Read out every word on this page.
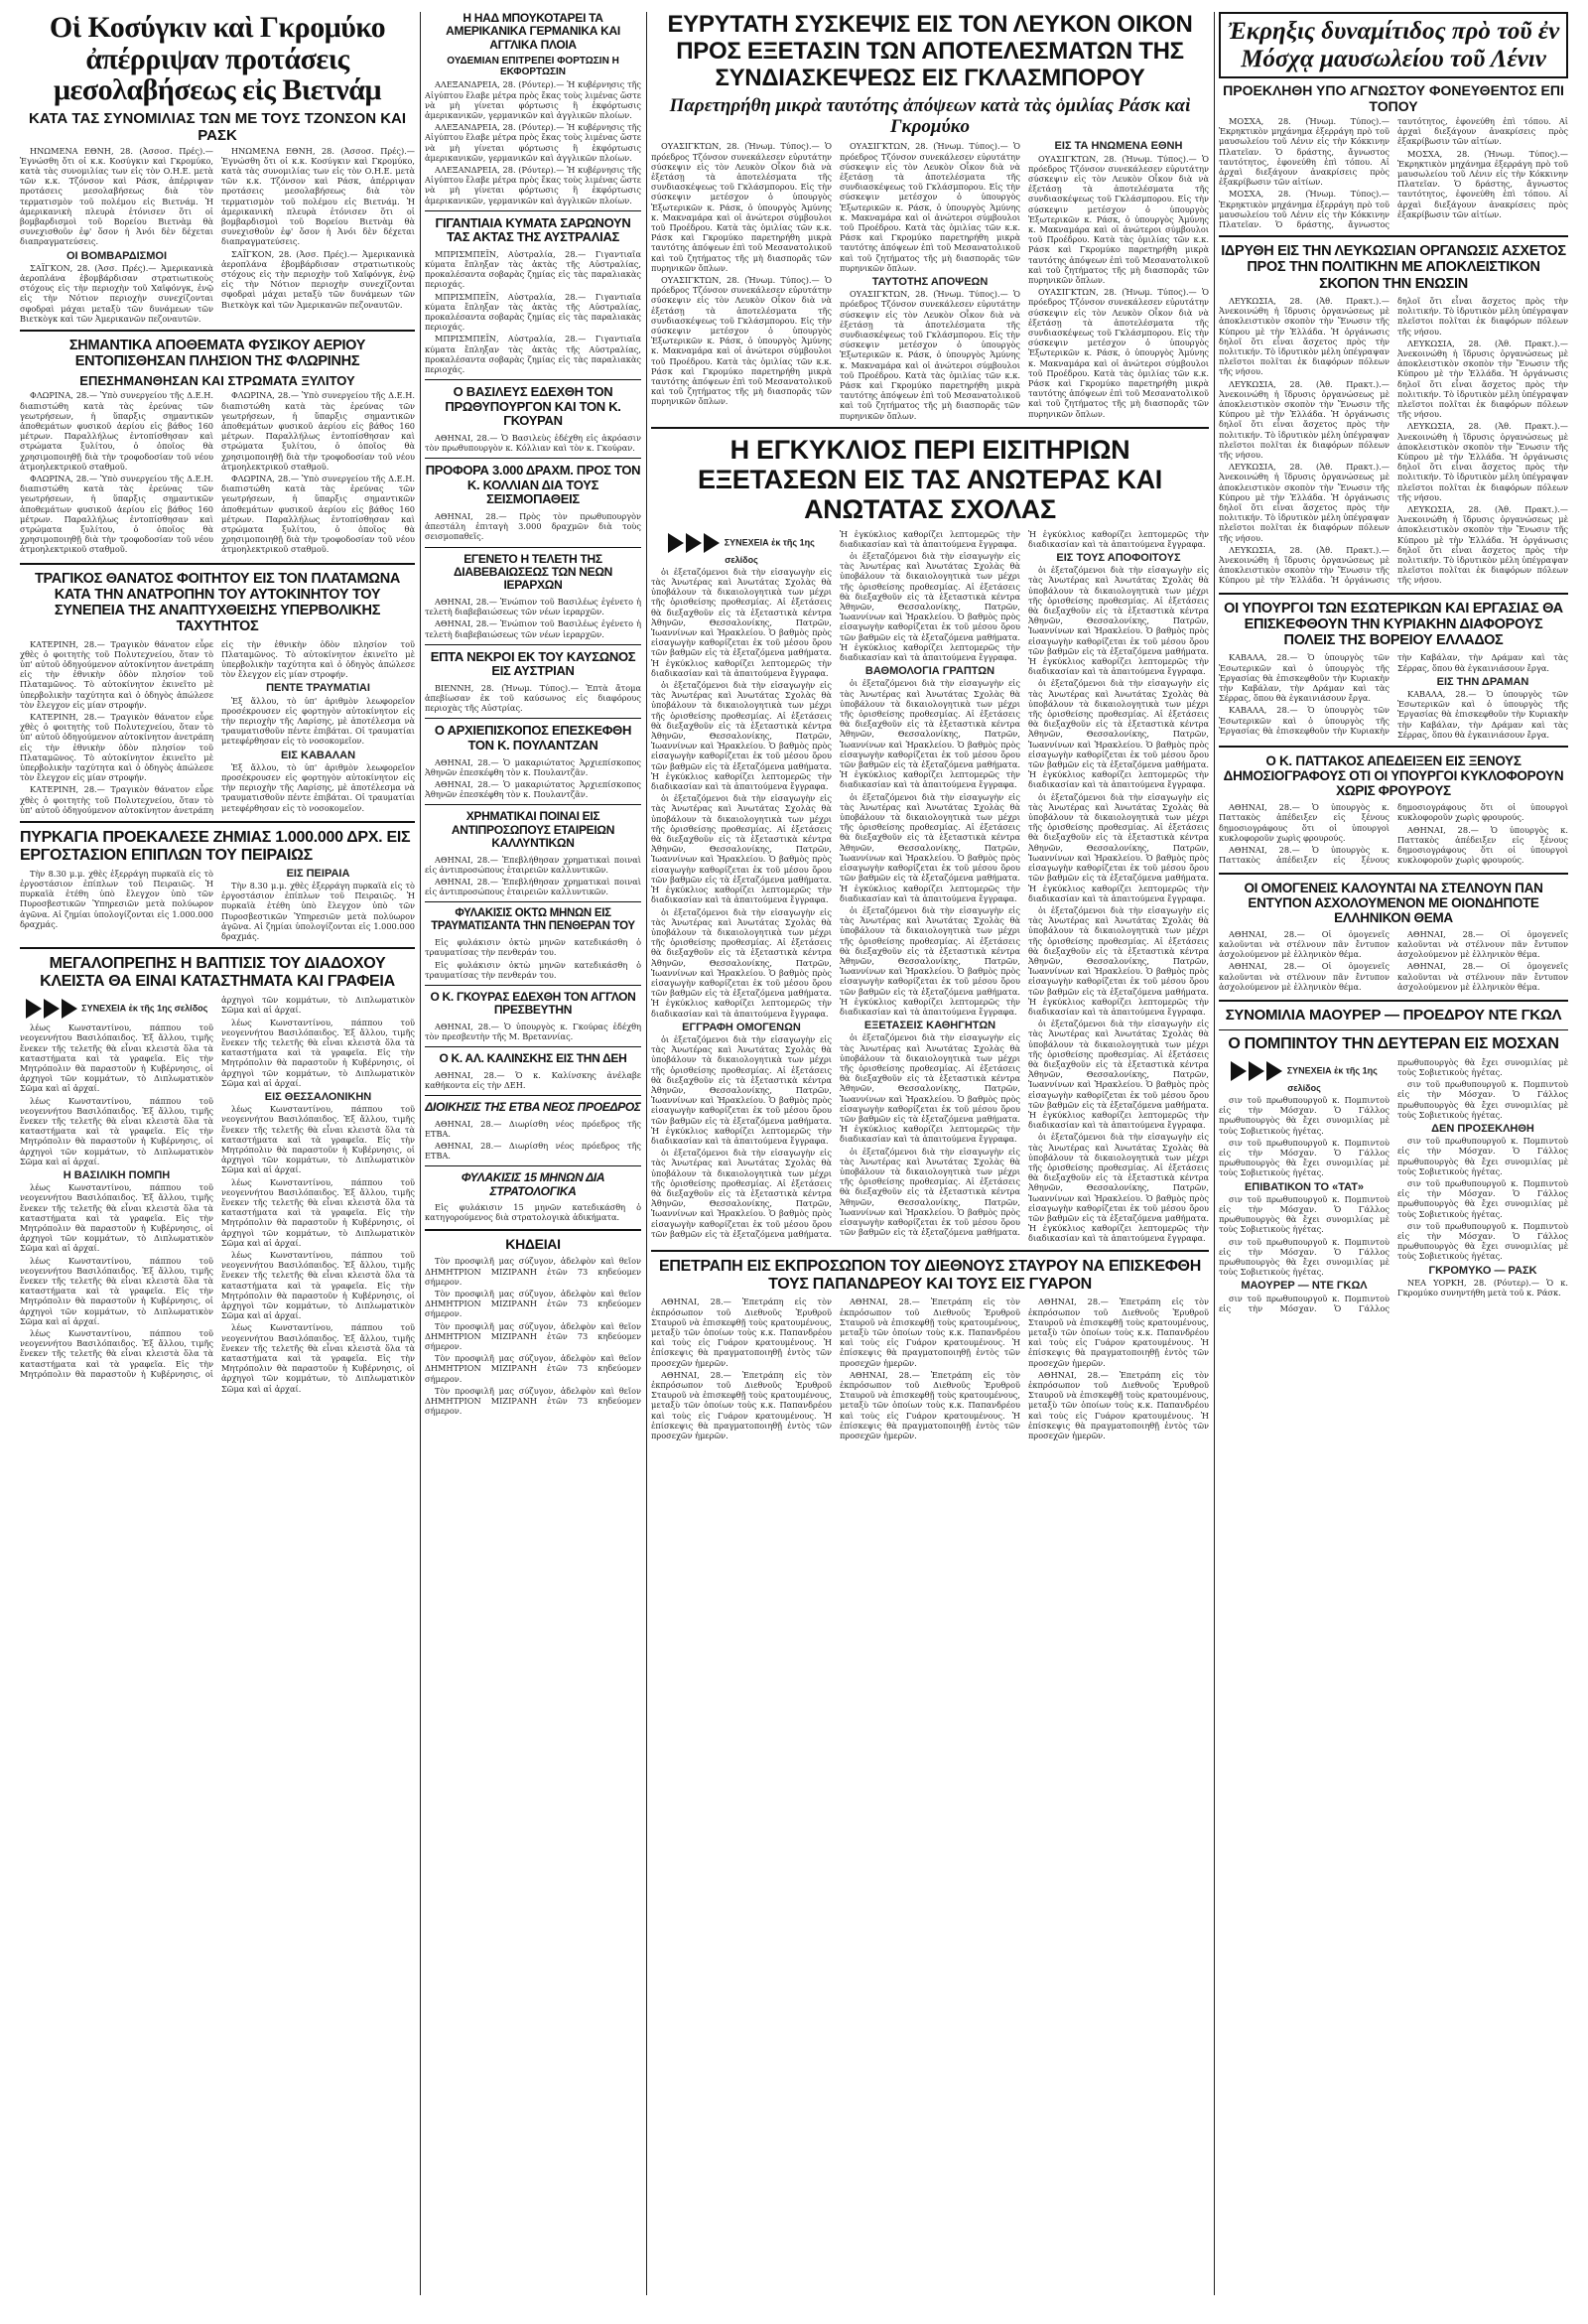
Οἱ Κοσύγκιν καὶ Γκρομύκο ἀπέρριψαν προτάσεις μεσολαβήσεως εἰς Βιετνάμ
ΚΑΤΑ ΤΑΣ ΣΥΝΟΜΙΛΙΑΣ ΤΩΝ ΜΕ ΤΟΥΣ ΤΖΟΝΣΟΝ ΚΑΙ ΡΑΣΚ

ΗΝΩΜΕΝΑ ΕΘΝΗ, 28. (Ἀσσοσ. Πρές).— Ἐγνώσθη ὅτι οἱ κ.κ. Κοσύγκιν καὶ Γκρομύκο, κατὰ τὰς συνομιλίας των εἰς τὸν Ο.Η.Ε. μετὰ τῶν κ.κ. Τζόνσον καὶ Ράσκ, ἀπέρριψαν προτάσεις μεσολαβήσεως διὰ τὸν τερματισμὸν τοῦ πολέμου εἰς Βιετνάμ. Ἡ ἀμερικανικὴ πλευρὰ ἐτόνισεν ὅτι οἱ βομβαρδισμοὶ τοῦ Βορείου Βιετνὰμ θὰ συνεχισθοῦν ἐφ' ὅσον ἡ Ἀνόι δὲν δέχεται διαπραγματεύσεις.

ΟΙ ΒΟΜΒΑΡΔΙΣΜΟΙ

ΣΑΪΓΚΟΝ, 28. (Ἀσσ. Πρές).— Ἀμερικανικὰ ἀεροπλάνα ἐβομβάρδισαν στρατιωτικοὺς στόχους εἰς τὴν περιοχὴν τοῦ Χαϊφόνγκ, ἐνῷ εἰς τὴν Νότιον περιοχὴν συνεχίζονται σφοδραὶ μάχαι μεταξὺ τῶν δυνάμεων τῶν Βιετκὸγκ καὶ τῶν Ἀμερικανῶν πεζοναυτῶν.

ΗΝΩΜΕΝΑ ΕΘΝΗ, 28. (Ἀσσοσ. Πρές).— Ἐγνώσθη ὅτι οἱ κ.κ. Κοσύγκιν καὶ Γκρομύκο, κατὰ τὰς συνομιλίας των εἰς τὸν Ο.Η.Ε. μετὰ τῶν κ.κ. Τζόνσον καὶ Ράσκ, ἀπέρριψαν προτάσεις μεσολαβήσεως διὰ τὸν τερματισμὸν τοῦ πολέμου εἰς Βιετνάμ. Ἡ ἀμερικανικὴ πλευρὰ ἐτόνισεν ὅτι οἱ βομβαρδισμοὶ τοῦ Βορείου Βιετνὰμ θὰ συνεχισθοῦν ἐφ' ὅσον ἡ Ἀνόι δὲν δέχεται διαπραγματεύσεις.

ΣΑΪΓΚΟΝ, 28. (Ἀσσ. Πρές).— Ἀμερικανικὰ ἀεροπλάνα ἐβομβάρδισαν στρατιωτικοὺς στόχους εἰς τὴν περιοχὴν τοῦ Χαϊφόνγκ, ἐνῷ εἰς τὴν Νότιον περιοχὴν συνεχίζονται σφοδραὶ μάχαι μεταξὺ τῶν δυνάμεων τῶν Βιετκὸγκ καὶ τῶν Ἀμερικανῶν πεζοναυτῶν.

ΣΗΜΑΝΤΙΚΑ ΑΠΟΘΕΜΑΤΑ ΦΥΣΙΚΟΥ ΑΕΡΙΟΥ ΕΝΤΟΠΙΣΘΗΣΑΝ ΠΛΗΣΙΟΝ ΤΗΣ ΦΛΩΡΙΝΗΣ
ΕΠΕΣΗΜΑΝΘΗΣΑΝ ΚΑΙ ΣΤΡΩΜΑΤΑ ΞΥΛΙΤΟΥ

ΦΛΩΡΙΝΑ, 28.— Ὑπὸ συνεργείου τῆς Δ.Ε.Η. διαπιστώθη κατὰ τὰς ἐρεύνας τῶν γεωτρήσεων, ἡ ὕπαρξις σημαντικῶν ἀποθεμάτων φυσικοῦ ἀερίου εἰς βάθος 160 μέτρων. Παραλλήλως ἐντοπίσθησαν καὶ στρώματα ξυλίτου, ὁ ὁποῖος θὰ χρησιμοποιηθῇ διὰ τὴν τροφοδοσίαν τοῦ νέου ἀτμοηλεκτρικοῦ σταθμοῦ.

ΦΛΩΡΙΝΑ, 28.— Ὑπὸ συνεργείου τῆς Δ.Ε.Η. διαπιστώθη κατὰ τὰς ἐρεύνας τῶν γεωτρήσεων, ἡ ὕπαρξις σημαντικῶν ἀποθεμάτων φυσικοῦ ἀερίου εἰς βάθος 160 μέτρων. Παραλλήλως ἐντοπίσθησαν καὶ στρώματα ξυλίτου, ὁ ὁποῖος θὰ χρησιμοποιηθῇ διὰ τὴν τροφοδοσίαν τοῦ νέου ἀτμοηλεκτρικοῦ σταθμοῦ.

ΦΛΩΡΙΝΑ, 28.— Ὑπὸ συνεργείου τῆς Δ.Ε.Η. διαπιστώθη κατὰ τὰς ἐρεύνας τῶν γεωτρήσεων, ἡ ὕπαρξις σημαντικῶν ἀποθεμάτων φυσικοῦ ἀερίου εἰς βάθος 160 μέτρων. Παραλλήλως ἐντοπίσθησαν καὶ στρώματα ξυλίτου, ὁ ὁποῖος θὰ χρησιμοποιηθῇ διὰ τὴν τροφοδοσίαν τοῦ νέου ἀτμοηλεκτρικοῦ σταθμοῦ.

ΦΛΩΡΙΝΑ, 28.— Ὑπὸ συνεργείου τῆς Δ.Ε.Η. διαπιστώθη κατὰ τὰς ἐρεύνας τῶν γεωτρήσεων, ἡ ὕπαρξις σημαντικῶν ἀποθεμάτων φυσικοῦ ἀερίου εἰς βάθος 160 μέτρων. Παραλλήλως ἐντοπίσθησαν καὶ στρώματα ξυλίτου, ὁ ὁποῖος θὰ χρησιμοποιηθῇ διὰ τὴν τροφοδοσίαν τοῦ νέου ἀτμοηλεκτρικοῦ σταθμοῦ.

ΤΡΑΓΙΚΟΣ ΘΑΝΑΤΟΣ ΦΟΙΤΗΤΟΥ ΕΙΣ ΤΟΝ ΠΛΑΤΑΜΩΝΑ ΚΑΤΑ ΤΗΝ ΑΝΑΤΡΟΠΗΝ ΤΟΥ ΑΥΤΟΚΙΝΗΤΟΥ ΤΟΥ ΣΥΝΕΠΕΙΑ ΤΗΣ ΑΝΑΠΤΥΧΘΕΙΣΗΣ ΥΠΕΡΒΟΛΙΚΗΣ ΤΑΧΥΤΗΤΟΣ

ΚΑΤΕΡΙΝΗ, 28.— Τραγικὸν θάνατον εὗρε χθὲς ὁ φοιτητὴς τοῦ Πολυτεχνείου, ὅταν τὸ ὑπ' αὐτοῦ ὁδηγούμενον αὐτοκίνητον ἀνετράπη εἰς τὴν ἐθνικὴν ὁδὸν πλησίον τοῦ Πλαταμῶνος. Τὸ αὐτοκίνητον ἐκινεῖτο μὲ ὑπερβολικὴν ταχύτητα καὶ ὁ ὁδηγὸς ἀπώλεσε τὸν ἔλεγχον εἰς μίαν στροφήν.

ΚΑΤΕΡΙΝΗ, 28.— Τραγικὸν θάνατον εὗρε χθὲς ὁ φοιτητὴς τοῦ Πολυτεχνείου, ὅταν τὸ ὑπ' αὐτοῦ ὁδηγούμενον αὐτοκίνητον ἀνετράπη εἰς τὴν ἐθνικὴν ὁδὸν πλησίον τοῦ Πλαταμῶνος. Τὸ αὐτοκίνητον ἐκινεῖτο μὲ ὑπερβολικὴν ταχύτητα καὶ ὁ ὁδηγὸς ἀπώλεσε τὸν ἔλεγχον εἰς μίαν στροφήν.

ΚΑΤΕΡΙΝΗ, 28.— Τραγικὸν θάνατον εὗρε χθὲς ὁ φοιτητὴς τοῦ Πολυτεχνείου, ὅταν τὸ ὑπ' αὐτοῦ ὁδηγούμενον αὐτοκίνητον ἀνετράπη εἰς τὴν ἐθνικὴν ὁδὸν πλησίον τοῦ Πλαταμῶνος. Τὸ αὐτοκίνητον ἐκινεῖτο μὲ ὑπερβολικὴν ταχύτητα καὶ ὁ ὁδηγὸς ἀπώλεσε τὸν ἔλεγχον εἰς μίαν στροφήν.

ΠΕΝΤΕ ΤΡΑΥΜΑΤΙΑΙ

Ἐξ ἄλλου, τὸ ὑπ' ἀριθμὸν λεωφορεῖον προσέκρουσεν εἰς φορτηγὸν αὐτοκίνητον εἰς τὴν περιοχὴν τῆς Λαρίσης, μὲ ἀποτέλεσμα νὰ τραυματισθοῦν πέντε ἐπιβάται. Οἱ τραυματίαι μετεφέρθησαν εἰς τὸ νοσοκομεῖον.

ΕΙΣ ΚΑΒΑΛΑΝ

Ἐξ ἄλλου, τὸ ὑπ' ἀριθμὸν λεωφορεῖον προσέκρουσεν εἰς φορτηγὸν αὐτοκίνητον εἰς τὴν περιοχὴν τῆς Λαρίσης, μὲ ἀποτέλεσμα νὰ τραυματισθοῦν πέντε ἐπιβάται. Οἱ τραυματίαι μετεφέρθησαν εἰς τὸ νοσοκομεῖον.

ΠΥΡΚΑΓΙΑ ΠΡΟΕΚΑΛΕΣΕ ΖΗΜΙΑΣ 1.000.000 ΔΡΧ. ΕΙΣ ΕΡΓΟΣΤΑΣΙΟΝ ΕΠΙΠΛΩΝ ΤΟΥ ΠΕΙΡΑΙΩΣ

Τὴν 8.30 μ.μ. χθὲς ἐξερράγη πυρκαϊὰ εἰς τὸ ἐργοστάσιον ἐπίπλων τοῦ Πειραιῶς. Ἡ πυρκαϊὰ ἐτέθη ὑπὸ ἔλεγχον ὑπὸ τῶν Πυροσβεστικῶν Ὑπηρεσιῶν μετὰ πολύωρον ἀγῶνα. Αἱ ζημίαι ὑπολογίζονται εἰς 1.000.000 δραχμάς.

ΕΙΣ ΠΕΙΡΑΙΑ

Τὴν 8.30 μ.μ. χθὲς ἐξερράγη πυρκαϊὰ εἰς τὸ ἐργοστάσιον ἐπίπλων τοῦ Πειραιῶς. Ἡ πυρκαϊὰ ἐτέθη ὑπὸ ἔλεγχον ὑπὸ τῶν Πυροσβεστικῶν Ὑπηρεσιῶν μετὰ πολύωρον ἀγῶνα. Αἱ ζημίαι ὑπολογίζονται εἰς 1.000.000 δραχμάς.

ΜΕΓΑΛΟΠΡΕΠΗΣ Η ΒΑΠΤΙΣΙΣ ΤΟΥ ΔΙΑΔΟΧΟΥ ΚΛΕΙΣΤΑ ΘΑ ΕΙΝΑΙ ΚΑΤΑΣΤΗΜΑΤΑ ΚΑΙ ΓΡΑΦΕΙΑ
ΣΥΝΕΧΕΙΑ ἐκ τῆς 1ης σελίδος

λέως Κωνσταντίνου, πάππου τοῦ νεογεννήτου Βασιλόπαιδος. Ἐξ ἄλλου, τιμῆς ἕνεκεν τῆς τελετῆς θὰ εἶναι κλειστὰ ὅλα τὰ καταστήματα καὶ τὰ γραφεῖα. Εἰς τὴν Μητρόπολιν θὰ παραστοῦν ἡ Κυβέρνησις, οἱ ἀρχηγοὶ τῶν κομμάτων, τὸ Διπλωματικὸν Σῶμα καὶ αἱ ἀρχαί.

λέως Κωνσταντίνου, πάππου τοῦ νεογεννήτου Βασιλόπαιδος. Ἐξ ἄλλου, τιμῆς ἕνεκεν τῆς τελετῆς θὰ εἶναι κλειστὰ ὅλα τὰ καταστήματα καὶ τὰ γραφεῖα. Εἰς τὴν Μητρόπολιν θὰ παραστοῦν ἡ Κυβέρνησις, οἱ ἀρχηγοὶ τῶν κομμάτων, τὸ Διπλωματικὸν Σῶμα καὶ αἱ ἀρχαί.

Η ΒΑΣΙΛΙΚΗ ΠΟΜΠΗ

λέως Κωνσταντίνου, πάππου τοῦ νεογεννήτου Βασιλόπαιδος. Ἐξ ἄλλου, τιμῆς ἕνεκεν τῆς τελετῆς θὰ εἶναι κλειστὰ ὅλα τὰ καταστήματα καὶ τὰ γραφεῖα. Εἰς τὴν Μητρόπολιν θὰ παραστοῦν ἡ Κυβέρνησις, οἱ ἀρχηγοὶ τῶν κομμάτων, τὸ Διπλωματικὸν Σῶμα καὶ αἱ ἀρχαί.

λέως Κωνσταντίνου, πάππου τοῦ νεογεννήτου Βασιλόπαιδος. Ἐξ ἄλλου, τιμῆς ἕνεκεν τῆς τελετῆς θὰ εἶναι κλειστὰ ὅλα τὰ καταστήματα καὶ τὰ γραφεῖα. Εἰς τὴν Μητρόπολιν θὰ παραστοῦν ἡ Κυβέρνησις, οἱ ἀρχηγοὶ τῶν κομμάτων, τὸ Διπλωματικὸν Σῶμα καὶ αἱ ἀρχαί.

λέως Κωνσταντίνου, πάππου τοῦ νεογεννήτου Βασιλόπαιδος. Ἐξ ἄλλου, τιμῆς ἕνεκεν τῆς τελετῆς θὰ εἶναι κλειστὰ ὅλα τὰ καταστήματα καὶ τὰ γραφεῖα. Εἰς τὴν Μητρόπολιν θὰ παραστοῦν ἡ Κυβέρνησις, οἱ ἀρχηγοὶ τῶν κομμάτων, τὸ Διπλωματικὸν Σῶμα καὶ αἱ ἀρχαί.

λέως Κωνσταντίνου, πάππου τοῦ νεογεννήτου Βασιλόπαιδος. Ἐξ ἄλλου, τιμῆς ἕνεκεν τῆς τελετῆς θὰ εἶναι κλειστὰ ὅλα τὰ καταστήματα καὶ τὰ γραφεῖα. Εἰς τὴν Μητρόπολιν θὰ παραστοῦν ἡ Κυβέρνησις, οἱ ἀρχηγοὶ τῶν κομμάτων, τὸ Διπλωματικὸν Σῶμα καὶ αἱ ἀρχαί.

ΕΙΣ ΘΕΣΣΑΛΟΝΙΚΗΝ

λέως Κωνσταντίνου, πάππου τοῦ νεογεννήτου Βασιλόπαιδος. Ἐξ ἄλλου, τιμῆς ἕνεκεν τῆς τελετῆς θὰ εἶναι κλειστὰ ὅλα τὰ καταστήματα καὶ τὰ γραφεῖα. Εἰς τὴν Μητρόπολιν θὰ παραστοῦν ἡ Κυβέρνησις, οἱ ἀρχηγοὶ τῶν κομμάτων, τὸ Διπλωματικὸν Σῶμα καὶ αἱ ἀρχαί.

λέως Κωνσταντίνου, πάππου τοῦ νεογεννήτου Βασιλόπαιδος. Ἐξ ἄλλου, τιμῆς ἕνεκεν τῆς τελετῆς θὰ εἶναι κλειστὰ ὅλα τὰ καταστήματα καὶ τὰ γραφεῖα. Εἰς τὴν Μητρόπολιν θὰ παραστοῦν ἡ Κυβέρνησις, οἱ ἀρχηγοὶ τῶν κομμάτων, τὸ Διπλωματικὸν Σῶμα καὶ αἱ ἀρχαί.

λέως Κωνσταντίνου, πάππου τοῦ νεογεννήτου Βασιλόπαιδος. Ἐξ ἄλλου, τιμῆς ἕνεκεν τῆς τελετῆς θὰ εἶναι κλειστὰ ὅλα τὰ καταστήματα καὶ τὰ γραφεῖα. Εἰς τὴν Μητρόπολιν θὰ παραστοῦν ἡ Κυβέρνησις, οἱ ἀρχηγοὶ τῶν κομμάτων, τὸ Διπλωματικὸν Σῶμα καὶ αἱ ἀρχαί.

λέως Κωνσταντίνου, πάππου τοῦ νεογεννήτου Βασιλόπαιδος. Ἐξ ἄλλου, τιμῆς ἕνεκεν τῆς τελετῆς θὰ εἶναι κλειστὰ ὅλα τὰ καταστήματα καὶ τὰ γραφεῖα. Εἰς τὴν Μητρόπολιν θὰ παραστοῦν ἡ Κυβέρνησις, οἱ ἀρχηγοὶ τῶν κομμάτων, τὸ Διπλωματικὸν Σῶμα καὶ αἱ ἀρχαί.

Η ΗΑΔ ΜΠΟΥΚΟΤΑΡΕΙ ΤΑ ΑΜΕΡΙΚΑΝΙΚΑ ΓΕΡΜΑΝΙΚΑ ΚΑΙ ΑΓΓΛΙΚΑ ΠΛΟΙΑ
ΟΥΔΕΜΙΑΝ ΕΠΙΤΡΕΠΕΙ ΦΟΡΤΩΣΙΝ Η ΕΚΦΟΡΤΩΣΙΝ

ΑΛΕΞΑΝΔΡΕΙΑ, 28. (Ρόυτερ).— Ἡ κυβέρνησις τῆς Αἰγύπτου ἔλαβε μέτρα πρὸς ἔκας τοὺς λιμένας ὥστε νὰ μὴ γίνεται φόρτωσις ἢ ἐκφόρτωσις ἀμερικανικῶν, γερμανικῶν καὶ ἀγγλικῶν πλοίων.

ΑΛΕΞΑΝΔΡΕΙΑ, 28. (Ρόυτερ).— Ἡ κυβέρνησις τῆς Αἰγύπτου ἔλαβε μέτρα πρὸς ἔκας τοὺς λιμένας ὥστε νὰ μὴ γίνεται φόρτωσις ἢ ἐκφόρτωσις ἀμερικανικῶν, γερμανικῶν καὶ ἀγγλικῶν πλοίων.

ΑΛΕΞΑΝΔΡΕΙΑ, 28. (Ρόυτερ).— Ἡ κυβέρνησις τῆς Αἰγύπτου ἔλαβε μέτρα πρὸς ἔκας τοὺς λιμένας ὥστε νὰ μὴ γίνεται φόρτωσις ἢ ἐκφόρτωσις ἀμερικανικῶν, γερμανικῶν καὶ ἀγγλικῶν πλοίων.

ΓΙΓΑΝΤΙΑΙΑ ΚΥΜΑΤΑ ΣΑΡΩΝΟΥΝ ΤΑΣ ΑΚΤΑΣ ΤΗΣ ΑΥΣΤΡΑΛΙΑΣ

ΜΠΡΙΣΜΠΕΪΝ, Αὐστραλία, 28.— Γιγαντιαῖα κύματα ἔπληξαν τὰς ἀκτὰς τῆς Αὐστραλίας, προκαλέσαντα σοβαρὰς ζημίας εἰς τὰς παραλιακὰς περιοχάς.

ΜΠΡΙΣΜΠΕΪΝ, Αὐστραλία, 28.— Γιγαντιαῖα κύματα ἔπληξαν τὰς ἀκτὰς τῆς Αὐστραλίας, προκαλέσαντα σοβαρὰς ζημίας εἰς τὰς παραλιακὰς περιοχάς.

ΜΠΡΙΣΜΠΕΪΝ, Αὐστραλία, 28.— Γιγαντιαῖα κύματα ἔπληξαν τὰς ἀκτὰς τῆς Αὐστραλίας, προκαλέσαντα σοβαρὰς ζημίας εἰς τὰς παραλιακὰς περιοχάς.

Ο ΒΑΣΙΛΕΥΣ ΕΔΕΧΘΗ ΤΟΝ ΠΡΩΘΥΠΟΥΡΓΟΝ ΚΑΙ ΤΟΝ Κ. ΓΚΟΥΡΑΝ

ΑΘΗΝΑΙ, 28.— Ὁ Βασιλεὺς ἐδέχθη εἰς ἀκρόασιν τὸν πρωθυπουργὸν κ. Κόλλιαν καὶ τὸν κ. Γκούραν.

ΠΡΟΦΟΡΑ 3.000 ΔΡΑΧΜ. ΠΡΟΣ ΤΟΝ Κ. ΚΟΛΛΙΑΝ ΔΙΑ ΤΟΥΣ ΣΕΙΣΜΟΠΑΘΕΙΣ

ΑΘΗΝΑΙ, 28.— Πρὸς τὸν πρωθυπουργὸν ἀπεστάλη ἐπιταγὴ 3.000 δραχμῶν διὰ τοὺς σεισμοπαθεῖς.

ΕΓΕΝΕΤΟ Η ΤΕΛΕΤΗ ΤΗΣ ΔΙΑΒΕΒΑΙΩΣΕΩΣ ΤΩΝ ΝΕΩΝ ΙΕΡΑΡΧΩΝ

ΑΘΗΝΑΙ, 28.— Ἐνώπιον τοῦ Βασιλέως ἐγένετο ἡ τελετὴ διαβεβαιώσεως τῶν νέων ἱεραρχῶν.

ΑΘΗΝΑΙ, 28.— Ἐνώπιον τοῦ Βασιλέως ἐγένετο ἡ τελετὴ διαβεβαιώσεως τῶν νέων ἱεραρχῶν.

ΕΠΤΑ ΝΕΚΡΟΙ ΕΚ ΤΟΥ ΚΑΥΣΩΝΟΣ ΕΙΣ ΑΥΣΤΡΙΑΝ

ΒΙΕΝΝΗ, 28. (Ἡνωμ. Τύπος).— Ἑπτὰ ἄτομα ἀπεβίωσαν ἐκ τοῦ καύσωνος εἰς διαφόρους περιοχὰς τῆς Αὐστρίας.

Ο ΑΡΧΙΕΠΙΣΚΟΠΟΣ ΕΠΕΣΚΕΦΘΗ ΤΟΝ Κ. ΠΟΥΛΑΝΤΖΑΝ

ΑΘΗΝΑΙ, 28.— Ὁ μακαριώτατος Ἀρχιεπίσκοπος Ἀθηνῶν ἐπεσκέφθη τὸν κ. Πουλαντζᾶν.

ΑΘΗΝΑΙ, 28.— Ὁ μακαριώτατος Ἀρχιεπίσκοπος Ἀθηνῶν ἐπεσκέφθη τὸν κ. Πουλαντζᾶν.

ΧΡΗΜΑΤΙΚΑΙ ΠΟΙΝΑΙ ΕΙΣ ΑΝΤΙΠΡΟΣΩΠΟΥΣ ΕΤΑΙΡΕΙΩΝ ΚΑΛΛΥΝΤΙΚΩΝ

ΑΘΗΝΑΙ, 28.— Ἐπεβλήθησαν χρηματικαὶ ποιναὶ εἰς ἀντιπροσώπους ἑταιρειῶν καλλυντικῶν.

ΑΘΗΝΑΙ, 28.— Ἐπεβλήθησαν χρηματικαὶ ποιναὶ εἰς ἀντιπροσώπους ἑταιρειῶν καλλυντικῶν.

ΦΥΛΑΚΙΣΙΣ ΟΚΤΩ ΜΗΝΩΝ ΕΙΣ ΤΡΑΥΜΑΤΙΣΑΝΤΑ ΤΗΝ ΠΕΝΘΕΡΑΝ ΤΟΥ

Εἰς φυλάκισιν ὀκτὼ μηνῶν κατεδικάσθη ὁ τραυματίσας τὴν πενθεράν του.

Εἰς φυλάκισιν ὀκτὼ μηνῶν κατεδικάσθη ὁ τραυματίσας τὴν πενθεράν του.

Ο Κ. ΓΚΟΥΡΑΣ ΕΔΕΧΘΗ ΤΟΝ ΑΓΓΛΟΝ ΠΡΕΣΒΕΥΤΗΝ

ΑΘΗΝΑΙ, 28.— Ὁ ὑπουργὸς κ. Γκούρας ἐδέχθη τὸν πρεσβευτὴν τῆς Μ. Βρεταννίας.

Ο Κ. ΑΛ. ΚΑΛΙΝΣΚΗΣ ΕΙΣ ΤΗΝ ΔΕΗ

ΑΘΗΝΑΙ, 28.— Ὁ κ. Καλίνσκης ἀνέλαβε καθήκοντα εἰς τὴν ΔΕΗ.

ΔΙΟΙΚΗΣΙΣ ΤΗΣ ΕΤΒΑ ΝΕΟΣ ΠΡΟΕΔΡΟΣ

ΑΘΗΝΑΙ, 28.— Διωρίσθη νέος πρόεδρος τῆς ΕΤΒΑ.

ΑΘΗΝΑΙ, 28.— Διωρίσθη νέος πρόεδρος τῆς ΕΤΒΑ.

ΦΥΛΑΚΙΣΙΣ 15 ΜΗΝΩΝ ΔΙΑ ΣΤΡΑΤΟΛΟΓΙΚΑ

Εἰς φυλάκισιν 15 μηνῶν κατεδικάσθη ὁ κατηγορούμενος διὰ στρατολογικὰ ἀδικήματα.

ΚΗΔΕΙΑΙ

Τὸν προσφιλῆ μας σύζυγον, ἀδελφὸν καὶ θεῖον ΔΗΜΗΤΡΙΟΝ ΜΙΖΙΡΑΝΗ ἐτῶν 73 κηδεύομεν σήμερον.

Τὸν προσφιλῆ μας σύζυγον, ἀδελφὸν καὶ θεῖον ΔΗΜΗΤΡΙΟΝ ΜΙΖΙΡΑΝΗ ἐτῶν 73 κηδεύομεν σήμερον.

Τὸν προσφιλῆ μας σύζυγον, ἀδελφὸν καὶ θεῖον ΔΗΜΗΤΡΙΟΝ ΜΙΖΙΡΑΝΗ ἐτῶν 73 κηδεύομεν σήμερον.

Τὸν προσφιλῆ μας σύζυγον, ἀδελφὸν καὶ θεῖον ΔΗΜΗΤΡΙΟΝ ΜΙΖΙΡΑΝΗ ἐτῶν 73 κηδεύομεν σήμερον.

Τὸν προσφιλῆ μας σύζυγον, ἀδελφὸν καὶ θεῖον ΔΗΜΗΤΡΙΟΝ ΜΙΖΙΡΑΝΗ ἐτῶν 73 κηδεύομεν σήμερον.

ΕΥΡΥΤΑΤΗ ΣΥΣΚΕΨΙΣ ΕΙΣ ΤΟΝ ΛΕΥΚΟΝ ΟΙΚΟΝ ΠΡΟΣ ΕΞΕΤΑΣΙΝ ΤΩΝ ΑΠΟΤΕΛΕΣΜΑΤΩΝ ΤΗΣ ΣΥΝΔΙΑΣΚΕΨΕΩΣ ΕΙΣ ΓΚΛΑΣΜΠΟΡΟΥ
Παρετηρήθη μικρὰ ταυτότης ἀπόψεων κατὰ τὰς ὁμιλίας Ράσκ καὶ Γκρομύκο

ΟΥΑΣΙΓΚΤΩΝ, 28. (Ἡνωμ. Τύπος).— Ὁ πρόεδρος Τζόνσον συνεκάλεσεν εὐρυτάτην σύσκεψιν εἰς τὸν Λευκὸν Οἶκον διὰ νὰ ἐξετάσῃ τὰ ἀποτελέσματα τῆς συνδιασκέψεως τοῦ Γκλάσμπορου. Εἰς τὴν σύσκεψιν μετέσχον ὁ ὑπουργὸς Ἐξωτερικῶν κ. Ράσκ, ὁ ὑπουργὸς Ἀμύνης κ. Μακναμάρα καὶ οἱ ἀνώτεροι σύμβουλοι τοῦ Προέδρου. Κατὰ τὰς ὁμιλίας τῶν κ.κ. Ράσκ καὶ Γκρομύκο παρετηρήθη μικρὰ ταυτότης ἀπόψεων ἐπὶ τοῦ Μεσανατολικοῦ καὶ τοῦ ζητήματος τῆς μὴ διασπορᾶς τῶν πυρηνικῶν ὅπλων.

ΟΥΑΣΙΓΚΤΩΝ, 28. (Ἡνωμ. Τύπος).— Ὁ πρόεδρος Τζόνσον συνεκάλεσεν εὐρυτάτην σύσκεψιν εἰς τὸν Λευκὸν Οἶκον διὰ νὰ ἐξετάσῃ τὰ ἀποτελέσματα τῆς συνδιασκέψεως τοῦ Γκλάσμπορου. Εἰς τὴν σύσκεψιν μετέσχον ὁ ὑπουργὸς Ἐξωτερικῶν κ. Ράσκ, ὁ ὑπουργὸς Ἀμύνης κ. Μακναμάρα καὶ οἱ ἀνώτεροι σύμβουλοι τοῦ Προέδρου. Κατὰ τὰς ὁμιλίας τῶν κ.κ. Ράσκ καὶ Γκρομύκο παρετηρήθη μικρὰ ταυτότης ἀπόψεων ἐπὶ τοῦ Μεσανατολικοῦ καὶ τοῦ ζητήματος τῆς μὴ διασπορᾶς τῶν πυρηνικῶν ὅπλων.

ΟΥΑΣΙΓΚΤΩΝ, 28. (Ἡνωμ. Τύπος).— Ὁ πρόεδρος Τζόνσον συνεκάλεσεν εὐρυτάτην σύσκεψιν εἰς τὸν Λευκὸν Οἶκον διὰ νὰ ἐξετάσῃ τὰ ἀποτελέσματα τῆς συνδιασκέψεως τοῦ Γκλάσμπορου. Εἰς τὴν σύσκεψιν μετέσχον ὁ ὑπουργὸς Ἐξωτερικῶν κ. Ράσκ, ὁ ὑπουργὸς Ἀμύνης κ. Μακναμάρα καὶ οἱ ἀνώτεροι σύμβουλοι τοῦ Προέδρου. Κατὰ τὰς ὁμιλίας τῶν κ.κ. Ράσκ καὶ Γκρομύκο παρετηρήθη μικρὰ ταυτότης ἀπόψεων ἐπὶ τοῦ Μεσανατολικοῦ καὶ τοῦ ζητήματος τῆς μὴ διασπορᾶς τῶν πυρηνικῶν ὅπλων.

ΤΑΥΤΟΤΗΣ ΑΠΟΨΕΩΝ

ΟΥΑΣΙΓΚΤΩΝ, 28. (Ἡνωμ. Τύπος).— Ὁ πρόεδρος Τζόνσον συνεκάλεσεν εὐρυτάτην σύσκεψιν εἰς τὸν Λευκὸν Οἶκον διὰ νὰ ἐξετάσῃ τὰ ἀποτελέσματα τῆς συνδιασκέψεως τοῦ Γκλάσμπορου. Εἰς τὴν σύσκεψιν μετέσχον ὁ ὑπουργὸς Ἐξωτερικῶν κ. Ράσκ, ὁ ὑπουργὸς Ἀμύνης κ. Μακναμάρα καὶ οἱ ἀνώτεροι σύμβουλοι τοῦ Προέδρου. Κατὰ τὰς ὁμιλίας τῶν κ.κ. Ράσκ καὶ Γκρομύκο παρετηρήθη μικρὰ ταυτότης ἀπόψεων ἐπὶ τοῦ Μεσανατολικοῦ καὶ τοῦ ζητήματος τῆς μὴ διασπορᾶς τῶν πυρηνικῶν ὅπλων.

ΕΙΣ ΤΑ ΗΝΩΜΕΝΑ ΕΘΝΗ

ΟΥΑΣΙΓΚΤΩΝ, 28. (Ἡνωμ. Τύπος).— Ὁ πρόεδρος Τζόνσον συνεκάλεσεν εὐρυτάτην σύσκεψιν εἰς τὸν Λευκὸν Οἶκον διὰ νὰ ἐξετάσῃ τὰ ἀποτελέσματα τῆς συνδιασκέψεως τοῦ Γκλάσμπορου. Εἰς τὴν σύσκεψιν μετέσχον ὁ ὑπουργὸς Ἐξωτερικῶν κ. Ράσκ, ὁ ὑπουργὸς Ἀμύνης κ. Μακναμάρα καὶ οἱ ἀνώτεροι σύμβουλοι τοῦ Προέδρου. Κατὰ τὰς ὁμιλίας τῶν κ.κ. Ράσκ καὶ Γκρομύκο παρετηρήθη μικρὰ ταυτότης ἀπόψεων ἐπὶ τοῦ Μεσανατολικοῦ καὶ τοῦ ζητήματος τῆς μὴ διασπορᾶς τῶν πυρηνικῶν ὅπλων.

ΟΥΑΣΙΓΚΤΩΝ, 28. (Ἡνωμ. Τύπος).— Ὁ πρόεδρος Τζόνσον συνεκάλεσεν εὐρυτάτην σύσκεψιν εἰς τὸν Λευκὸν Οἶκον διὰ νὰ ἐξετάσῃ τὰ ἀποτελέσματα τῆς συνδιασκέψεως τοῦ Γκλάσμπορου. Εἰς τὴν σύσκεψιν μετέσχον ὁ ὑπουργὸς Ἐξωτερικῶν κ. Ράσκ, ὁ ὑπουργὸς Ἀμύνης κ. Μακναμάρα καὶ οἱ ἀνώτεροι σύμβουλοι τοῦ Προέδρου. Κατὰ τὰς ὁμιλίας τῶν κ.κ. Ράσκ καὶ Γκρομύκο παρετηρήθη μικρὰ ταυτότης ἀπόψεων ἐπὶ τοῦ Μεσανατολικοῦ καὶ τοῦ ζητήματος τῆς μὴ διασπορᾶς τῶν πυρηνικῶν ὅπλων.

Η ΕΓΚΥΚΛΙΟΣ ΠΕΡΙ ΕΙΣΙΤΗΡΙΩΝ ΕΞΕΤΑΣΕΩΝ ΕΙΣ ΤΑΣ ΑΝΩΤΕΡΑΣ ΚΑΙ ΑΝΩΤΑΤΑΣ ΣΧΟΛΑΣ
ΣΥΝΕΧΕΙΑ ἐκ τῆς 1ης σελίδος

ὁι ἐξεταζόμενοι διὰ τὴν εἰσαγωγὴν εἰς τὰς Ἀνωτέρας καὶ Ἀνωτάτας Σχολὰς θὰ ὑποβάλουν τὰ δικαιολογητικὰ των μέχρι τῆς ὁρισθείσης προθεσμίας. Αἱ ἐξετάσεις θὰ διεξαχθοῦν εἰς τὰ ἐξεταστικὰ κέντρα Ἀθηνῶν, Θεσσαλονίκης, Πατρῶν, Ἰωαννίνων καὶ Ἡρακλείου. Ὁ βαθμὸς πρὸς εἰσαγωγὴν καθορίζεται ἐκ τοῦ μέσου ὅρου τῶν βαθμῶν εἰς τὰ ἐξεταζόμενα μαθήματα. Ἡ ἐγκύκλιος καθορίζει λεπτομερῶς τὴν διαδικασίαν καὶ τὰ ἀπαιτούμενα ἔγγραφα.

ὁι ἐξεταζόμενοι διὰ τὴν εἰσαγωγὴν εἰς τὰς Ἀνωτέρας καὶ Ἀνωτάτας Σχολὰς θὰ ὑποβάλουν τὰ δικαιολογητικὰ των μέχρι τῆς ὁρισθείσης προθεσμίας. Αἱ ἐξετάσεις θὰ διεξαχθοῦν εἰς τὰ ἐξεταστικὰ κέντρα Ἀθηνῶν, Θεσσαλονίκης, Πατρῶν, Ἰωαννίνων καὶ Ἡρακλείου. Ὁ βαθμὸς πρὸς εἰσαγωγὴν καθορίζεται ἐκ τοῦ μέσου ὅρου τῶν βαθμῶν εἰς τὰ ἐξεταζόμενα μαθήματα. Ἡ ἐγκύκλιος καθορίζει λεπτομερῶς τὴν διαδικασίαν καὶ τὰ ἀπαιτούμενα ἔγγραφα.

ὁι ἐξεταζόμενοι διὰ τὴν εἰσαγωγὴν εἰς τὰς Ἀνωτέρας καὶ Ἀνωτάτας Σχολὰς θὰ ὑποβάλουν τὰ δικαιολογητικὰ των μέχρι τῆς ὁρισθείσης προθεσμίας. Αἱ ἐξετάσεις θὰ διεξαχθοῦν εἰς τὰ ἐξεταστικὰ κέντρα Ἀθηνῶν, Θεσσαλονίκης, Πατρῶν, Ἰωαννίνων καὶ Ἡρακλείου. Ὁ βαθμὸς πρὸς εἰσαγωγὴν καθορίζεται ἐκ τοῦ μέσου ὅρου τῶν βαθμῶν εἰς τὰ ἐξεταζόμενα μαθήματα. Ἡ ἐγκύκλιος καθορίζει λεπτομερῶς τὴν διαδικασίαν καὶ τὰ ἀπαιτούμενα ἔγγραφα.

ὁι ἐξεταζόμενοι διὰ τὴν εἰσαγωγὴν εἰς τὰς Ἀνωτέρας καὶ Ἀνωτάτας Σχολὰς θὰ ὑποβάλουν τὰ δικαιολογητικὰ των μέχρι τῆς ὁρισθείσης προθεσμίας. Αἱ ἐξετάσεις θὰ διεξαχθοῦν εἰς τὰ ἐξεταστικὰ κέντρα Ἀθηνῶν, Θεσσαλονίκης, Πατρῶν, Ἰωαννίνων καὶ Ἡρακλείου. Ὁ βαθμὸς πρὸς εἰσαγωγὴν καθορίζεται ἐκ τοῦ μέσου ὅρου τῶν βαθμῶν εἰς τὰ ἐξεταζόμενα μαθήματα. Ἡ ἐγκύκλιος καθορίζει λεπτομερῶς τὴν διαδικασίαν καὶ τὰ ἀπαιτούμενα ἔγγραφα.

ΕΓΓΡΑΦΗ ΟΜΟΓΕΝΩΝ

ὁι ἐξεταζόμενοι διὰ τὴν εἰσαγωγὴν εἰς τὰς Ἀνωτέρας καὶ Ἀνωτάτας Σχολὰς θὰ ὑποβάλουν τὰ δικαιολογητικὰ των μέχρι τῆς ὁρισθείσης προθεσμίας. Αἱ ἐξετάσεις θὰ διεξαχθοῦν εἰς τὰ ἐξεταστικὰ κέντρα Ἀθηνῶν, Θεσσαλονίκης, Πατρῶν, Ἰωαννίνων καὶ Ἡρακλείου. Ὁ βαθμὸς πρὸς εἰσαγωγὴν καθορίζεται ἐκ τοῦ μέσου ὅρου τῶν βαθμῶν εἰς τὰ ἐξεταζόμενα μαθήματα. Ἡ ἐγκύκλιος καθορίζει λεπτομερῶς τὴν διαδικασίαν καὶ τὰ ἀπαιτούμενα ἔγγραφα.

ὁι ἐξεταζόμενοι διὰ τὴν εἰσαγωγὴν εἰς τὰς Ἀνωτέρας καὶ Ἀνωτάτας Σχολὰς θὰ ὑποβάλουν τὰ δικαιολογητικὰ των μέχρι τῆς ὁρισθείσης προθεσμίας. Αἱ ἐξετάσεις θὰ διεξαχθοῦν εἰς τὰ ἐξεταστικὰ κέντρα Ἀθηνῶν, Θεσσαλονίκης, Πατρῶν, Ἰωαννίνων καὶ Ἡρακλείου. Ὁ βαθμὸς πρὸς εἰσαγωγὴν καθορίζεται ἐκ τοῦ μέσου ὅρου τῶν βαθμῶν εἰς τὰ ἐξεταζόμενα μαθήματα. Ἡ ἐγκύκλιος καθορίζει λεπτομερῶς τὴν διαδικασίαν καὶ τὰ ἀπαιτούμενα ἔγγραφα.

ὁι ἐξεταζόμενοι διὰ τὴν εἰσαγωγὴν εἰς τὰς Ἀνωτέρας καὶ Ἀνωτάτας Σχολὰς θὰ ὑποβάλουν τὰ δικαιολογητικὰ των μέχρι τῆς ὁρισθείσης προθεσμίας. Αἱ ἐξετάσεις θὰ διεξαχθοῦν εἰς τὰ ἐξεταστικὰ κέντρα Ἀθηνῶν, Θεσσαλονίκης, Πατρῶν, Ἰωαννίνων καὶ Ἡρακλείου. Ὁ βαθμὸς πρὸς εἰσαγωγὴν καθορίζεται ἐκ τοῦ μέσου ὅρου τῶν βαθμῶν εἰς τὰ ἐξεταζόμενα μαθήματα. Ἡ ἐγκύκλιος καθορίζει λεπτομερῶς τὴν διαδικασίαν καὶ τὰ ἀπαιτούμενα ἔγγραφα.

ΒΑΘΜΟΛΟΓΙΑ ΓΡΑΠΤΩΝ

ὁι ἐξεταζόμενοι διὰ τὴν εἰσαγωγὴν εἰς τὰς Ἀνωτέρας καὶ Ἀνωτάτας Σχολὰς θὰ ὑποβάλουν τὰ δικαιολογητικὰ των μέχρι τῆς ὁρισθείσης προθεσμίας. Αἱ ἐξετάσεις θὰ διεξαχθοῦν εἰς τὰ ἐξεταστικὰ κέντρα Ἀθηνῶν, Θεσσαλονίκης, Πατρῶν, Ἰωαννίνων καὶ Ἡρακλείου. Ὁ βαθμὸς πρὸς εἰσαγωγὴν καθορίζεται ἐκ τοῦ μέσου ὅρου τῶν βαθμῶν εἰς τὰ ἐξεταζόμενα μαθήματα. Ἡ ἐγκύκλιος καθορίζει λεπτομερῶς τὴν διαδικασίαν καὶ τὰ ἀπαιτούμενα ἔγγραφα.

ὁι ἐξεταζόμενοι διὰ τὴν εἰσαγωγὴν εἰς τὰς Ἀνωτέρας καὶ Ἀνωτάτας Σχολὰς θὰ ὑποβάλουν τὰ δικαιολογητικὰ των μέχρι τῆς ὁρισθείσης προθεσμίας. Αἱ ἐξετάσεις θὰ διεξαχθοῦν εἰς τὰ ἐξεταστικὰ κέντρα Ἀθηνῶν, Θεσσαλονίκης, Πατρῶν, Ἰωαννίνων καὶ Ἡρακλείου. Ὁ βαθμὸς πρὸς εἰσαγωγὴν καθορίζεται ἐκ τοῦ μέσου ὅρου τῶν βαθμῶν εἰς τὰ ἐξεταζόμενα μαθήματα. Ἡ ἐγκύκλιος καθορίζει λεπτομερῶς τὴν διαδικασίαν καὶ τὰ ἀπαιτούμενα ἔγγραφα.

ὁι ἐξεταζόμενοι διὰ τὴν εἰσαγωγὴν εἰς τὰς Ἀνωτέρας καὶ Ἀνωτάτας Σχολὰς θὰ ὑποβάλουν τὰ δικαιολογητικὰ των μέχρι τῆς ὁρισθείσης προθεσμίας. Αἱ ἐξετάσεις θὰ διεξαχθοῦν εἰς τὰ ἐξεταστικὰ κέντρα Ἀθηνῶν, Θεσσαλονίκης, Πατρῶν, Ἰωαννίνων καὶ Ἡρακλείου. Ὁ βαθμὸς πρὸς εἰσαγωγὴν καθορίζεται ἐκ τοῦ μέσου ὅρου τῶν βαθμῶν εἰς τὰ ἐξεταζόμενα μαθήματα. Ἡ ἐγκύκλιος καθορίζει λεπτομερῶς τὴν διαδικασίαν καὶ τὰ ἀπαιτούμενα ἔγγραφα.

ΕΞΕΤΑΣΕΙΣ ΚΑΘΗΓΗΤΩΝ

ὁι ἐξεταζόμενοι διὰ τὴν εἰσαγωγὴν εἰς τὰς Ἀνωτέρας καὶ Ἀνωτάτας Σχολὰς θὰ ὑποβάλουν τὰ δικαιολογητικὰ των μέχρι τῆς ὁρισθείσης προθεσμίας. Αἱ ἐξετάσεις θὰ διεξαχθοῦν εἰς τὰ ἐξεταστικὰ κέντρα Ἀθηνῶν, Θεσσαλονίκης, Πατρῶν, Ἰωαννίνων καὶ Ἡρακλείου. Ὁ βαθμὸς πρὸς εἰσαγωγὴν καθορίζεται ἐκ τοῦ μέσου ὅρου τῶν βαθμῶν εἰς τὰ ἐξεταζόμενα μαθήματα. Ἡ ἐγκύκλιος καθορίζει λεπτομερῶς τὴν διαδικασίαν καὶ τὰ ἀπαιτούμενα ἔγγραφα.

ὁι ἐξεταζόμενοι διὰ τὴν εἰσαγωγὴν εἰς τὰς Ἀνωτέρας καὶ Ἀνωτάτας Σχολὰς θὰ ὑποβάλουν τὰ δικαιολογητικὰ των μέχρι τῆς ὁρισθείσης προθεσμίας. Αἱ ἐξετάσεις θὰ διεξαχθοῦν εἰς τὰ ἐξεταστικὰ κέντρα Ἀθηνῶν, Θεσσαλονίκης, Πατρῶν, Ἰωαννίνων καὶ Ἡρακλείου. Ὁ βαθμὸς πρὸς εἰσαγωγὴν καθορίζεται ἐκ τοῦ μέσου ὅρου τῶν βαθμῶν εἰς τὰ ἐξεταζόμενα μαθήματα. Ἡ ἐγκύκλιος καθορίζει λεπτομερῶς τὴν διαδικασίαν καὶ τὰ ἀπαιτούμενα ἔγγραφα.

ΕΙΣ ΤΟΥΣ ΑΠΟΦΟΙΤΟΥΣ

ὁι ἐξεταζόμενοι διὰ τὴν εἰσαγωγὴν εἰς τὰς Ἀνωτέρας καὶ Ἀνωτάτας Σχολὰς θὰ ὑποβάλουν τὰ δικαιολογητικὰ των μέχρι τῆς ὁρισθείσης προθεσμίας. Αἱ ἐξετάσεις θὰ διεξαχθοῦν εἰς τὰ ἐξεταστικὰ κέντρα Ἀθηνῶν, Θεσσαλονίκης, Πατρῶν, Ἰωαννίνων καὶ Ἡρακλείου. Ὁ βαθμὸς πρὸς εἰσαγωγὴν καθορίζεται ἐκ τοῦ μέσου ὅρου τῶν βαθμῶν εἰς τὰ ἐξεταζόμενα μαθήματα. Ἡ ἐγκύκλιος καθορίζει λεπτομερῶς τὴν διαδικασίαν καὶ τὰ ἀπαιτούμενα ἔγγραφα.

ὁι ἐξεταζόμενοι διὰ τὴν εἰσαγωγὴν εἰς τὰς Ἀνωτέρας καὶ Ἀνωτάτας Σχολὰς θὰ ὑποβάλουν τὰ δικαιολογητικὰ των μέχρι τῆς ὁρισθείσης προθεσμίας. Αἱ ἐξετάσεις θὰ διεξαχθοῦν εἰς τὰ ἐξεταστικὰ κέντρα Ἀθηνῶν, Θεσσαλονίκης, Πατρῶν, Ἰωαννίνων καὶ Ἡρακλείου. Ὁ βαθμὸς πρὸς εἰσαγωγὴν καθορίζεται ἐκ τοῦ μέσου ὅρου τῶν βαθμῶν εἰς τὰ ἐξεταζόμενα μαθήματα. Ἡ ἐγκύκλιος καθορίζει λεπτομερῶς τὴν διαδικασίαν καὶ τὰ ἀπαιτούμενα ἔγγραφα.

ὁι ἐξεταζόμενοι διὰ τὴν εἰσαγωγὴν εἰς τὰς Ἀνωτέρας καὶ Ἀνωτάτας Σχολὰς θὰ ὑποβάλουν τὰ δικαιολογητικὰ των μέχρι τῆς ὁρισθείσης προθεσμίας. Αἱ ἐξετάσεις θὰ διεξαχθοῦν εἰς τὰ ἐξεταστικὰ κέντρα Ἀθηνῶν, Θεσσαλονίκης, Πατρῶν, Ἰωαννίνων καὶ Ἡρακλείου. Ὁ βαθμὸς πρὸς εἰσαγωγὴν καθορίζεται ἐκ τοῦ μέσου ὅρου τῶν βαθμῶν εἰς τὰ ἐξεταζόμενα μαθήματα. Ἡ ἐγκύκλιος καθορίζει λεπτομερῶς τὴν διαδικασίαν καὶ τὰ ἀπαιτούμενα ἔγγραφα.

ὁι ἐξεταζόμενοι διὰ τὴν εἰσαγωγὴν εἰς τὰς Ἀνωτέρας καὶ Ἀνωτάτας Σχολὰς θὰ ὑποβάλουν τὰ δικαιολογητικὰ των μέχρι τῆς ὁρισθείσης προθεσμίας. Αἱ ἐξετάσεις θὰ διεξαχθοῦν εἰς τὰ ἐξεταστικὰ κέντρα Ἀθηνῶν, Θεσσαλονίκης, Πατρῶν, Ἰωαννίνων καὶ Ἡρακλείου. Ὁ βαθμὸς πρὸς εἰσαγωγὴν καθορίζεται ἐκ τοῦ μέσου ὅρου τῶν βαθμῶν εἰς τὰ ἐξεταζόμενα μαθήματα. Ἡ ἐγκύκλιος καθορίζει λεπτομερῶς τὴν διαδικασίαν καὶ τὰ ἀπαιτούμενα ἔγγραφα.

ὁι ἐξεταζόμενοι διὰ τὴν εἰσαγωγὴν εἰς τὰς Ἀνωτέρας καὶ Ἀνωτάτας Σχολὰς θὰ ὑποβάλουν τὰ δικαιολογητικὰ των μέχρι τῆς ὁρισθείσης προθεσμίας. Αἱ ἐξετάσεις θὰ διεξαχθοῦν εἰς τὰ ἐξεταστικὰ κέντρα Ἀθηνῶν, Θεσσαλονίκης, Πατρῶν, Ἰωαννίνων καὶ Ἡρακλείου. Ὁ βαθμὸς πρὸς εἰσαγωγὴν καθορίζεται ἐκ τοῦ μέσου ὅρου τῶν βαθμῶν εἰς τὰ ἐξεταζόμενα μαθήματα. Ἡ ἐγκύκλιος καθορίζει λεπτομερῶς τὴν διαδικασίαν καὶ τὰ ἀπαιτούμενα ἔγγραφα.

ὁι ἐξεταζόμενοι διὰ τὴν εἰσαγωγὴν εἰς τὰς Ἀνωτέρας καὶ Ἀνωτάτας Σχολὰς θὰ ὑποβάλουν τὰ δικαιολογητικὰ των μέχρι τῆς ὁρισθείσης προθεσμίας. Αἱ ἐξετάσεις θὰ διεξαχθοῦν εἰς τὰ ἐξεταστικὰ κέντρα Ἀθηνῶν, Θεσσαλονίκης, Πατρῶν, Ἰωαννίνων καὶ Ἡρακλείου. Ὁ βαθμὸς πρὸς εἰσαγωγὴν καθορίζεται ἐκ τοῦ μέσου ὅρου τῶν βαθμῶν εἰς τὰ ἐξεταζόμενα μαθήματα. Ἡ ἐγκύκλιος καθορίζει λεπτομερῶς τὴν διαδικασίαν καὶ τὰ ἀπαιτούμενα ἔγγραφα.

ΕΠΕΤΡΑΠΗ ΕΙΣ ΕΚΠΡΟΣΩΠΟΝ ΤΟΥ ΔΙΕΘΝΟΥΣ ΣΤΑΥΡΟΥ ΝΑ ΕΠΙΣΚΕΦΘΗ ΤΟΥΣ ΠΑΠΑΝΔΡΕΟΥ ΚΑΙ ΤΟΥΣ ΕΙΣ ΓΥΑΡΟΝ

ΑΘΗΝΑΙ, 28.— Ἐπετράπη εἰς τὸν ἐκπρόσωπον τοῦ Διεθνοῦς Ἐρυθροῦ Σταυροῦ νὰ ἐπισκεφθῇ τοὺς κρατουμένους, μεταξὺ τῶν ὁποίων τοὺς κ.κ. Παπανδρέου καὶ τοὺς εἰς Γυάρον κρατουμένους. Ἡ ἐπίσκεψις θὰ πραγματοποιηθῇ ἐντὸς τῶν προσεχῶν ἡμερῶν.

ΑΘΗΝΑΙ, 28.— Ἐπετράπη εἰς τὸν ἐκπρόσωπον τοῦ Διεθνοῦς Ἐρυθροῦ Σταυροῦ νὰ ἐπισκεφθῇ τοὺς κρατουμένους, μεταξὺ τῶν ὁποίων τοὺς κ.κ. Παπανδρέου καὶ τοὺς εἰς Γυάρον κρατουμένους. Ἡ ἐπίσκεψις θὰ πραγματοποιηθῇ ἐντὸς τῶν προσεχῶν ἡμερῶν.

ΑΘΗΝΑΙ, 28.— Ἐπετράπη εἰς τὸν ἐκπρόσωπον τοῦ Διεθνοῦς Ἐρυθροῦ Σταυροῦ νὰ ἐπισκεφθῇ τοὺς κρατουμένους, μεταξὺ τῶν ὁποίων τοὺς κ.κ. Παπανδρέου καὶ τοὺς εἰς Γυάρον κρατουμένους. Ἡ ἐπίσκεψις θὰ πραγματοποιηθῇ ἐντὸς τῶν προσεχῶν ἡμερῶν.

ΑΘΗΝΑΙ, 28.— Ἐπετράπη εἰς τὸν ἐκπρόσωπον τοῦ Διεθνοῦς Ἐρυθροῦ Σταυροῦ νὰ ἐπισκεφθῇ τοὺς κρατουμένους, μεταξὺ τῶν ὁποίων τοὺς κ.κ. Παπανδρέου καὶ τοὺς εἰς Γυάρον κρατουμένους. Ἡ ἐπίσκεψις θὰ πραγματοποιηθῇ ἐντὸς τῶν προσεχῶν ἡμερῶν.

ΑΘΗΝΑΙ, 28.— Ἐπετράπη εἰς τὸν ἐκπρόσωπον τοῦ Διεθνοῦς Ἐρυθροῦ Σταυροῦ νὰ ἐπισκεφθῇ τοὺς κρατουμένους, μεταξὺ τῶν ὁποίων τοὺς κ.κ. Παπανδρέου καὶ τοὺς εἰς Γυάρον κρατουμένους. Ἡ ἐπίσκεψις θὰ πραγματοποιηθῇ ἐντὸς τῶν προσεχῶν ἡμερῶν.

ΑΘΗΝΑΙ, 28.— Ἐπετράπη εἰς τὸν ἐκπρόσωπον τοῦ Διεθνοῦς Ἐρυθροῦ Σταυροῦ νὰ ἐπισκεφθῇ τοὺς κρατουμένους, μεταξὺ τῶν ὁποίων τοὺς κ.κ. Παπανδρέου καὶ τοὺς εἰς Γυάρον κρατουμένους. Ἡ ἐπίσκεψις θὰ πραγματοποιηθῇ ἐντὸς τῶν προσεχῶν ἡμερῶν.

Ἐκρηξις δυναμίτιδος πρὸ τοῦ ἐν Μόσχᾳ μαυσωλείου τοῦ Λένιν
ΠΡΟΕΚΛΗΘΗ ΥΠΟ ΑΓΝΩΣΤΟΥ ΦΟΝΕΥΘΕΝΤΟΣ ΕΠΙ ΤΟΠΟΥ

ΜΟΣΧΑ, 28. (Ἡνωμ. Τύπος).— Ἐκρηκτικὸν μηχάνημα ἐξερράγη πρὸ τοῦ μαυσωλείου τοῦ Λένιν εἰς τὴν Κόκκινην Πλατεῖαν. Ὁ δράστης, ἄγνωστος ταυτότητος, ἐφονεύθη ἐπὶ τόπου. Αἱ ἀρχαὶ διεξάγουν ἀνακρίσεις πρὸς ἐξακρίβωσιν τῶν αἰτίων.

ΜΟΣΧΑ, 28. (Ἡνωμ. Τύπος).— Ἐκρηκτικὸν μηχάνημα ἐξερράγη πρὸ τοῦ μαυσωλείου τοῦ Λένιν εἰς τὴν Κόκκινην Πλατεῖαν. Ὁ δράστης, ἄγνωστος ταυτότητος, ἐφονεύθη ἐπὶ τόπου. Αἱ ἀρχαὶ διεξάγουν ἀνακρίσεις πρὸς ἐξακρίβωσιν τῶν αἰτίων.

ΜΟΣΧΑ, 28. (Ἡνωμ. Τύπος).— Ἐκρηκτικὸν μηχάνημα ἐξερράγη πρὸ τοῦ μαυσωλείου τοῦ Λένιν εἰς τὴν Κόκκινην Πλατεῖαν. Ὁ δράστης, ἄγνωστος ταυτότητος, ἐφονεύθη ἐπὶ τόπου. Αἱ ἀρχαὶ διεξάγουν ἀνακρίσεις πρὸς ἐξακρίβωσιν τῶν αἰτίων.

ΙΔΡΥΘΗ ΕΙΣ ΤΗΝ ΛΕΥΚΩΣΙΑΝ ΟΡΓΑΝΩΣΙΣ ΑΣΧΕΤΟΣ ΠΡΟΣ ΤΗΝ ΠΟΛΙΤΙΚΗΝ ΜΕ ΑΠΟΚΛΕΙΣΤΙΚΟΝ ΣΚΟΠΟΝ ΤΗΝ ΕΝΩΣΙΝ

ΛΕΥΚΩΣΙΑ, 28. (Ἀθ. Πρακτ.).— Ἀνεκοινώθη ἡ ἵδρυσις ὀργανώσεως μὲ ἀποκλειστικὸν σκοπὸν τὴν Ἕνωσιν τῆς Κύπρου μὲ τὴν Ἑλλάδα. Ἡ ὀργάνωσις δηλοῖ ὅτι εἶναι ἄσχετος πρὸς τὴν πολιτικήν. Τὸ ἱδρυτικὸν μέλη ὑπέγραψαν πλεῖστοι πολῖται ἐκ διαφόρων πόλεων τῆς νήσου.

ΛΕΥΚΩΣΙΑ, 28. (Ἀθ. Πρακτ.).— Ἀνεκοινώθη ἡ ἵδρυσις ὀργανώσεως μὲ ἀποκλειστικὸν σκοπὸν τὴν Ἕνωσιν τῆς Κύπρου μὲ τὴν Ἑλλάδα. Ἡ ὀργάνωσις δηλοῖ ὅτι εἶναι ἄσχετος πρὸς τὴν πολιτικήν. Τὸ ἱδρυτικὸν μέλη ὑπέγραψαν πλεῖστοι πολῖται ἐκ διαφόρων πόλεων τῆς νήσου.

ΛΕΥΚΩΣΙΑ, 28. (Ἀθ. Πρακτ.).— Ἀνεκοινώθη ἡ ἵδρυσις ὀργανώσεως μὲ ἀποκλειστικὸν σκοπὸν τὴν Ἕνωσιν τῆς Κύπρου μὲ τὴν Ἑλλάδα. Ἡ ὀργάνωσις δηλοῖ ὅτι εἶναι ἄσχετος πρὸς τὴν πολιτικήν. Τὸ ἱδρυτικὸν μέλη ὑπέγραψαν πλεῖστοι πολῖται ἐκ διαφόρων πόλεων τῆς νήσου.

ΛΕΥΚΩΣΙΑ, 28. (Ἀθ. Πρακτ.).— Ἀνεκοινώθη ἡ ἵδρυσις ὀργανώσεως μὲ ἀποκλειστικὸν σκοπὸν τὴν Ἕνωσιν τῆς Κύπρου μὲ τὴν Ἑλλάδα. Ἡ ὀργάνωσις δηλοῖ ὅτι εἶναι ἄσχετος πρὸς τὴν πολιτικήν. Τὸ ἱδρυτικὸν μέλη ὑπέγραψαν πλεῖστοι πολῖται ἐκ διαφόρων πόλεων τῆς νήσου.

ΛΕΥΚΩΣΙΑ, 28. (Ἀθ. Πρακτ.).— Ἀνεκοινώθη ἡ ἵδρυσις ὀργανώσεως μὲ ἀποκλειστικὸν σκοπὸν τὴν Ἕνωσιν τῆς Κύπρου μὲ τὴν Ἑλλάδα. Ἡ ὀργάνωσις δηλοῖ ὅτι εἶναι ἄσχετος πρὸς τὴν πολιτικήν. Τὸ ἱδρυτικὸν μέλη ὑπέγραψαν πλεῖστοι πολῖται ἐκ διαφόρων πόλεων τῆς νήσου.

ΛΕΥΚΩΣΙΑ, 28. (Ἀθ. Πρακτ.).— Ἀνεκοινώθη ἡ ἵδρυσις ὀργανώσεως μὲ ἀποκλειστικὸν σκοπὸν τὴν Ἕνωσιν τῆς Κύπρου μὲ τὴν Ἑλλάδα. Ἡ ὀργάνωσις δηλοῖ ὅτι εἶναι ἄσχετος πρὸς τὴν πολιτικήν. Τὸ ἱδρυτικὸν μέλη ὑπέγραψαν πλεῖστοι πολῖται ἐκ διαφόρων πόλεων τῆς νήσου.

ΛΕΥΚΩΣΙΑ, 28. (Ἀθ. Πρακτ.).— Ἀνεκοινώθη ἡ ἵδρυσις ὀργανώσεως μὲ ἀποκλειστικὸν σκοπὸν τὴν Ἕνωσιν τῆς Κύπρου μὲ τὴν Ἑλλάδα. Ἡ ὀργάνωσις δηλοῖ ὅτι εἶναι ἄσχετος πρὸς τὴν πολιτικήν. Τὸ ἱδρυτικὸν μέλη ὑπέγραψαν πλεῖστοι πολῖται ἐκ διαφόρων πόλεων τῆς νήσου.

ΟΙ ΥΠΟΥΡΓΟΙ ΤΩΝ ΕΣΩΤΕΡΙΚΩΝ ΚΑΙ ΕΡΓΑΣΙΑΣ ΘΑ ΕΠΙΣΚΕΦΘΟΥΝ ΤΗΝ ΚΥΡΙΑΚΗΝ ΔΙΑΦΟΡΟΥΣ ΠΟΛΕΙΣ ΤΗΣ ΒΟΡΕΙΟΥ ΕΛΛΑΔΟΣ

ΚΑΒΑΛΑ, 28.— Ὁ ὑπουργὸς τῶν Ἐσωτερικῶν καὶ ὁ ὑπουργὸς τῆς Ἐργασίας θὰ ἐπισκεφθοῦν τὴν Κυριακὴν τὴν Καβάλαν, τὴν Δράμαν καὶ τὰς Σέρρας, ὅπου θὰ ἐγκαινιάσουν ἔργα.

ΚΑΒΑΛΑ, 28.— Ὁ ὑπουργὸς τῶν Ἐσωτερικῶν καὶ ὁ ὑπουργὸς τῆς Ἐργασίας θὰ ἐπισκεφθοῦν τὴν Κυριακὴν τὴν Καβάλαν, τὴν Δράμαν καὶ τὰς Σέρρας, ὅπου θὰ ἐγκαινιάσουν ἔργα.

ΕΙΣ ΤΗΝ ΔΡΑΜΑΝ

ΚΑΒΑΛΑ, 28.— Ὁ ὑπουργὸς τῶν Ἐσωτερικῶν καὶ ὁ ὑπουργὸς τῆς Ἐργασίας θὰ ἐπισκεφθοῦν τὴν Κυριακὴν τὴν Καβάλαν, τὴν Δράμαν καὶ τὰς Σέρρας, ὅπου θὰ ἐγκαινιάσουν ἔργα.

Ο Κ. ΠΑΤΤΑΚΟΣ ΑΠΕΔΕΙΞΕΝ ΕΙΣ ΞΕΝΟΥΣ ΔΗΜΟΣΙΟΓΡΑΦΟΥΣ ΟΤΙ ΟΙ ΥΠΟΥΡΓΟΙ ΚΥΚΛΟΦΟΡΟΥΝ ΧΩΡΙΣ ΦΡΟΥΡΟΥΣ

ΑΘΗΝΑΙ, 28.— Ὁ ὑπουργὸς κ. Παττακὸς ἀπέδειξεν εἰς ξένους δημοσιογράφους ὅτι οἱ ὑπουργοὶ κυκλοφοροῦν χωρὶς φρουρούς.

ΑΘΗΝΑΙ, 28.— Ὁ ὑπουργὸς κ. Παττακὸς ἀπέδειξεν εἰς ξένους δημοσιογράφους ὅτι οἱ ὑπουργοὶ κυκλοφοροῦν χωρὶς φρουρούς.

ΑΘΗΝΑΙ, 28.— Ὁ ὑπουργὸς κ. Παττακὸς ἀπέδειξεν εἰς ξένους δημοσιογράφους ὅτι οἱ ὑπουργοὶ κυκλοφοροῦν χωρὶς φρουρούς.

ΟΙ ΟΜΟΓΕΝΕΙΣ ΚΑΛΟΥΝΤΑΙ ΝΑ ΣΤΕΛΝΟΥΝ ΠΑΝ ΕΝΤΥΠΟΝ ΑΣΧΟΛΟΥΜΕΝΟΝ ΜΕ ΟΙΟΝΔΗΠΟΤΕ ΕΛΛΗΝΙΚΟΝ ΘΕΜΑ

ΑΘΗΝΑΙ, 28.— Οἱ ὁμογενεῖς καλοῦνται νὰ στέλνουν πᾶν ἔντυπον ἀσχολούμενον μὲ ἑλληνικὸν θέμα.

ΑΘΗΝΑΙ, 28.— Οἱ ὁμογενεῖς καλοῦνται νὰ στέλνουν πᾶν ἔντυπον ἀσχολούμενον μὲ ἑλληνικὸν θέμα.

ΑΘΗΝΑΙ, 28.— Οἱ ὁμογενεῖς καλοῦνται νὰ στέλνουν πᾶν ἔντυπον ἀσχολούμενον μὲ ἑλληνικὸν θέμα.

ΑΘΗΝΑΙ, 28.— Οἱ ὁμογενεῖς καλοῦνται νὰ στέλνουν πᾶν ἔντυπον ἀσχολούμενον μὲ ἑλληνικὸν θέμα.

ΣΥΝΟΜΙΛΙΑ ΜΑΟΥΡΕΡ — ΠΡΟΕΔΡΟΥ ΝΤΕ ΓΚΩΛ
Ο ΠΟΜΠΙΝΤΟΥ ΤΗΝ ΔΕΥΤΕΡΑΝ ΕΙΣ ΜΟΣΧΑΝ
ΣΥΝΕΧΕΙΑ ἐκ τῆς 1ης σελίδος

σιν τοῦ πρωθυπουργοῦ κ. Πομπιντοὺ εἰς τὴν Μόσχαν. Ὁ Γάλλος πρωθυπουργὸς θὰ ἔχει συνομιλίας μὲ τοὺς Σοβιετικοὺς ἡγέτας.

σιν τοῦ πρωθυπουργοῦ κ. Πομπιντοὺ εἰς τὴν Μόσχαν. Ὁ Γάλλος πρωθυπουργὸς θὰ ἔχει συνομιλίας μὲ τοὺς Σοβιετικοὺς ἡγέτας.

ΕΠΙΒΑΤΙΚΟΝ ΤΟ «ΤΑΤ»

σιν τοῦ πρωθυπουργοῦ κ. Πομπιντοὺ εἰς τὴν Μόσχαν. Ὁ Γάλλος πρωθυπουργὸς θὰ ἔχει συνομιλίας μὲ τοὺς Σοβιετικοὺς ἡγέτας.

σιν τοῦ πρωθυπουργοῦ κ. Πομπιντοὺ εἰς τὴν Μόσχαν. Ὁ Γάλλος πρωθυπουργὸς θὰ ἔχει συνομιλίας μὲ τοὺς Σοβιετικοὺς ἡγέτας.

ΜΑΟΥΡΕΡ — ΝΤΕ ΓΚΩΛ

σιν τοῦ πρωθυπουργοῦ κ. Πομπιντοὺ εἰς τὴν Μόσχαν. Ὁ Γάλλος πρωθυπουργὸς θὰ ἔχει συνομιλίας μὲ τοὺς Σοβιετικοὺς ἡγέτας.

σιν τοῦ πρωθυπουργοῦ κ. Πομπιντοὺ εἰς τὴν Μόσχαν. Ὁ Γάλλος πρωθυπουργὸς θὰ ἔχει συνομιλίας μὲ τοὺς Σοβιετικοὺς ἡγέτας.

ΔΕΝ ΠΡΟΣΕΚΛΗΘΗ

σιν τοῦ πρωθυπουργοῦ κ. Πομπιντοὺ εἰς τὴν Μόσχαν. Ὁ Γάλλος πρωθυπουργὸς θὰ ἔχει συνομιλίας μὲ τοὺς Σοβιετικοὺς ἡγέτας.

σιν τοῦ πρωθυπουργοῦ κ. Πομπιντοὺ εἰς τὴν Μόσχαν. Ὁ Γάλλος πρωθυπουργὸς θὰ ἔχει συνομιλίας μὲ τοὺς Σοβιετικοὺς ἡγέτας.

σιν τοῦ πρωθυπουργοῦ κ. Πομπιντοὺ εἰς τὴν Μόσχαν. Ὁ Γάλλος πρωθυπουργὸς θὰ ἔχει συνομιλίας μὲ τοὺς Σοβιετικοὺς ἡγέτας.

ΓΚΡΟΜΥΚΟ — ΡΑΣΚ

ΝΕΑ ΥΟΡΚΗ, 28. (Ρόυτερ).— Ὁ κ. Γκρομύκο συνηντήθη μετὰ τοῦ κ. Ράσκ.
